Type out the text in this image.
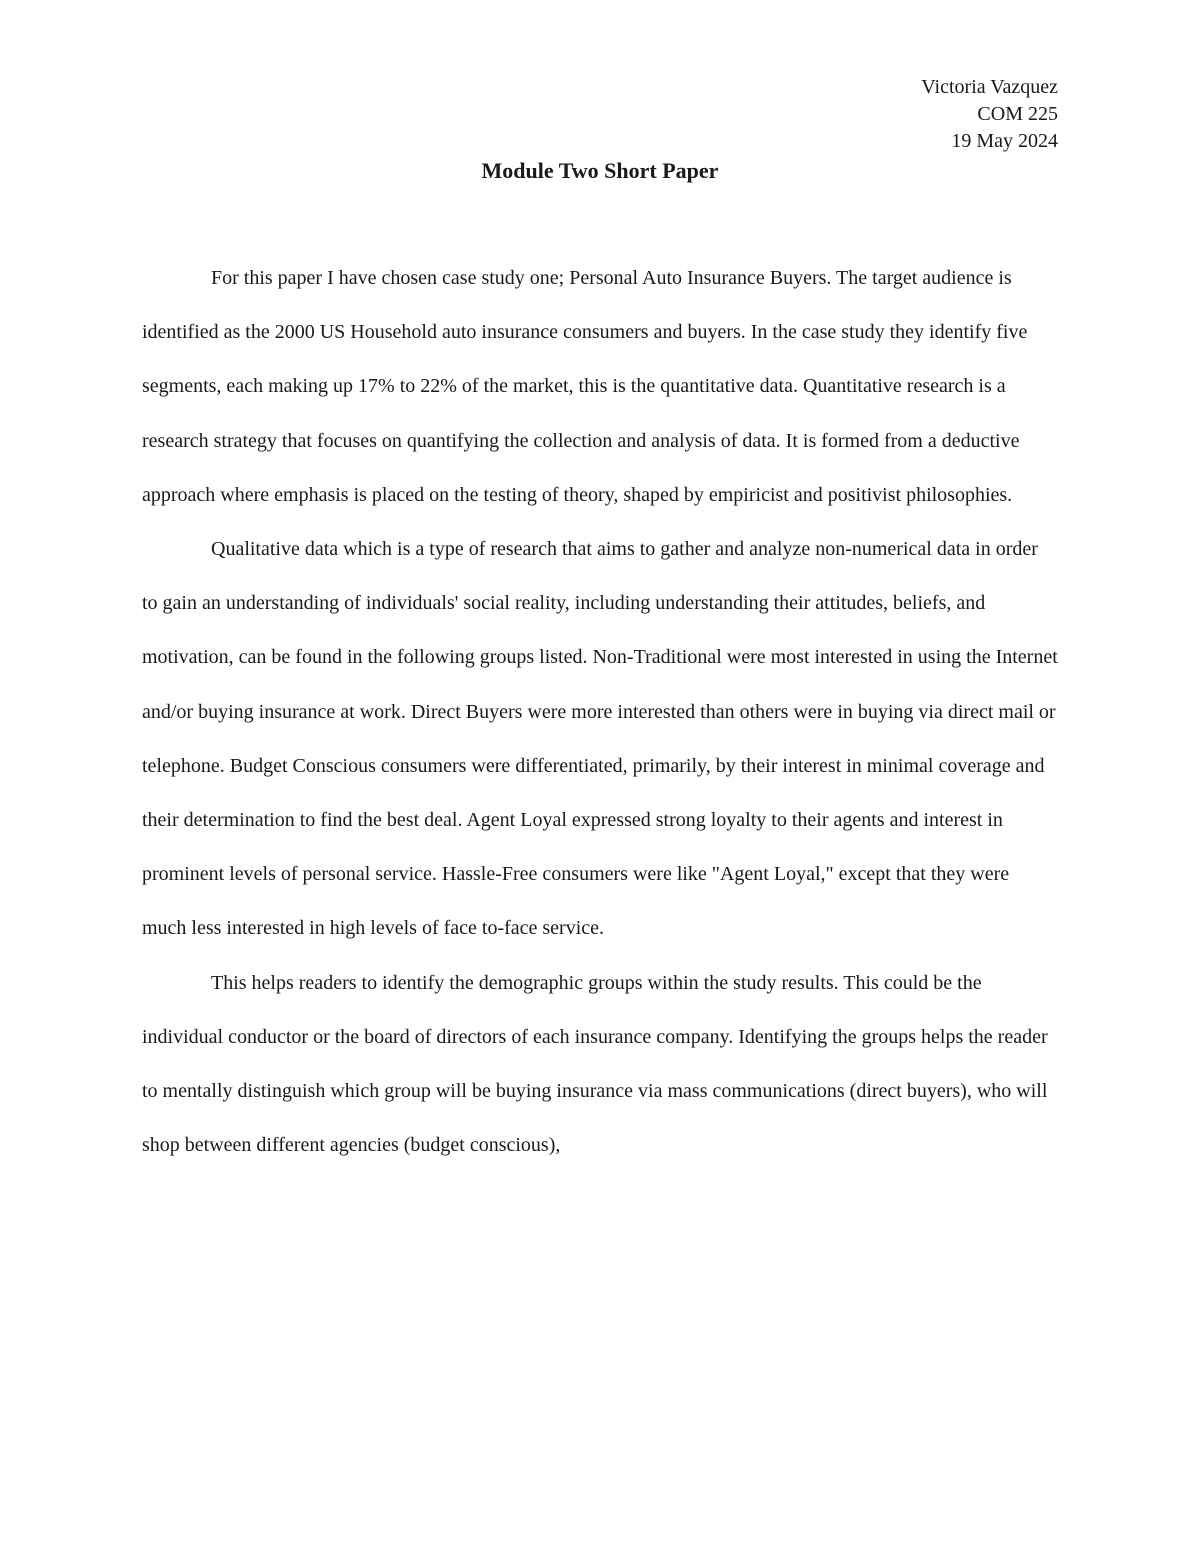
Victoria Vazquez
COM 225
19 May 2024
Module Two Short Paper

For this paper I have chosen case study one; Personal Auto Insurance Buyers. The target audience is identified as the 2000 US Household auto insurance consumers and buyers. In the case study they identify five segments, each making up 17% to 22% of the market, this is the quantitative data. Quantitative research is a research strategy that focuses on quantifying the collection and analysis of data. It is formed from a deductive approach where emphasis is placed on the testing of theory, shaped by empiricist and positivist philosophies.

Qualitative data which is a type of research that aims to gather and analyze non-numerical data in order to gain an understanding of individuals' social reality, including understanding their attitudes, beliefs, and motivation, can be found in the following groups listed. Non-Traditional were most interested in using the Internet and/or buying insurance at work. Direct Buyers were more interested than others were in buying via direct mail or telephone. Budget Conscious consumers were differentiated, primarily, by their interest in minimal coverage and their determination to find the best deal. Agent Loyal expressed strong loyalty to their agents and interest in prominent levels of personal service. Hassle-Free consumers were like "Agent Loyal," except that they were much less interested in high levels of face to-face service.

This helps readers to identify the demographic groups within the study results. This could be the individual conductor or the board of directors of each insurance company. Identifying the groups helps the reader to mentally distinguish which group will be buying insurance via mass communications (direct buyers), who will shop between different agencies (budget conscious),
